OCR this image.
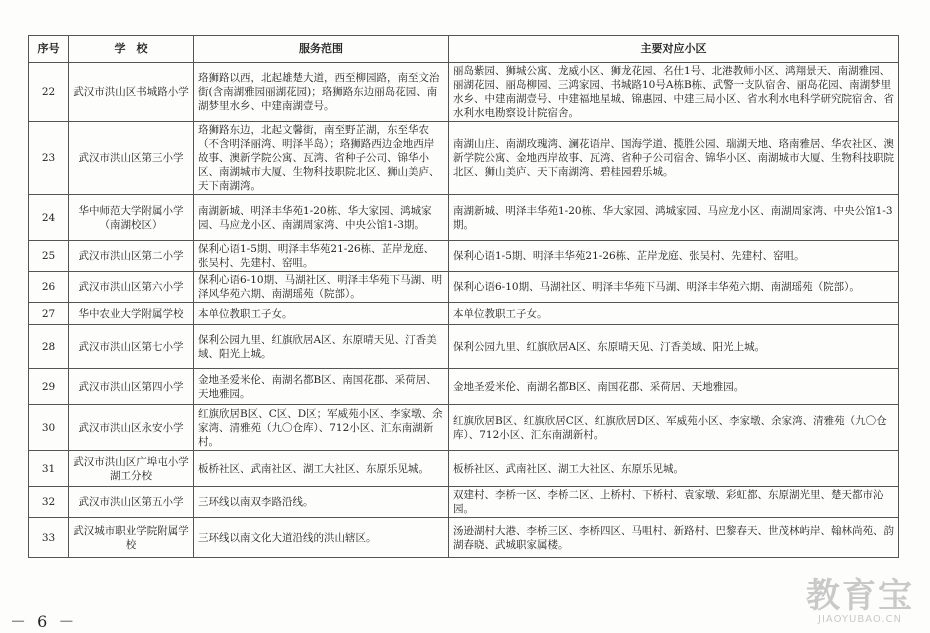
序号	学　校	服务范围	主要对应小区
22	武汉市洪山区书城路小学	珞狮路以西，北起雄楚大道，西至柳园路，南至文治街(含南湖雅园丽湖花园)；珞狮路东边丽岛花园、南湖梦里水乡、中建南湖壹号。	丽岛紫园、狮城公寓、龙威小区、狮龙花园、名仕1号、北港教师小区、鸿翔景天、南湖雅园、丽湖花园、丽岛柳园、三鸿家园、书城路10号A栋B栋、武警一支队宿舍、丽岛花园、南湖梦里水乡、中建南湖壹号、中建福地星城、锦惠园、中建三局小区、省水利水电科学研究院宿舍、省水利水电勘察设计院宿舍。
23	武汉市洪山区第三小学	珞狮路东边，北起文馨街，南至野芷湖，东至华农（不含明泽丽湾、明泽半岛）；珞狮路西边金地西岸故事、澳新学院公寓、瓦湾、省种子公司、锦华小区、南湖城市大厦、生物科技职院北区、狮山美庐、天下南湖湾。	南湖山庄、南湖玫瑰湾、澜花语岸、国海学道、揽胜公园、瑞湖天地、珞南雅居、华农社区、澳新学院公寓、金地西岸故事、瓦湾、省种子公司宿舍、锦华小区、南湖城市大厦、生物科技职院北区、狮山美庐、天下南湖湾、碧桂园碧乐城。
24	华中师范大学附属小学（南湖校区）	南湖新城、明泽丰华苑1-20栋、华大家园、鸿城家园、马应龙小区、南湖周家湾、中央公馆1-3期。	南湖新城、明泽丰华苑1-20栋、华大家园、鸿城家园、马应龙小区、南湖周家湾、中央公馆1-3期。
25	武汉市洪山区第二小学	保利心语1-5期、明泽丰华苑21-26栋、芷岸龙庭、张吴村、先建村、窑咀。	保利心语1-5期、明泽丰华苑21-26栋、芷岸龙庭、张吴村、先建村、窑咀。
26	武汉市洪山区第六小学	保利心语6-10期、马湖社区、明泽丰华苑下马湖、明泽风华苑六期、南湖瑶苑（院部）。	保利心语6-10期、马湖社区、明泽丰华苑下马湖、明泽丰华苑六期、南湖瑶苑（院部）。
27	华中农业大学附属学校	本单位教职工子女。	本单位教职工子女。
28	武汉市洪山区第七小学	保利公园九里、红旗欣居A区、东原晴天见、汀香美域、阳光上城。	保利公园九里、红旗欣居A区、东原晴天见、汀香美域、阳光上城。
29	武汉市洪山区第四小学	金地圣爱米伦、南湖名都B区、南国花郡、采荷居、天地雅园。	金地圣爱米伦、南湖名都B区、南国花郡、采荷居、天地雅园。
30	武汉市洪山区永安小学	红旗欣居B区、C区、D区；军威苑小区、李家墩、余家湾、清雅苑（九〇仓库）、712小区、汇东南湖新村。	红旗欣居B区、红旗欣居C区、红旗欣居D区、军威苑小区、李家墩、余家湾、清雅苑（九〇仓库）、712小区、汇东南湖新村。
31	武汉市洪山区广埠屯小学湖工分校	板桥社区、武南社区、湖工大社区、东原乐见城。	板桥社区、武南社区、湖工大社区、东原乐见城。
32	武汉市洪山区第五小学	三环线以南双李路沿线。	双建村、李桥一区、李桥二区、上桥村、下桥村、袁家墩、彩虹都、东原湖光里、楚天都市沁园。
33	武汉城市职业学院附属学校	三环线以南文化大道沿线的洪山辖区。	汤逊湖村大港、李桥三区、李桥四区、马咀村、新路村、巴黎春天、世茂林屿岸、翰林尚苑、韵湖春晓、武城职家属楼。
－ 6 －
教育宝
JIAOYUBAO.CN
